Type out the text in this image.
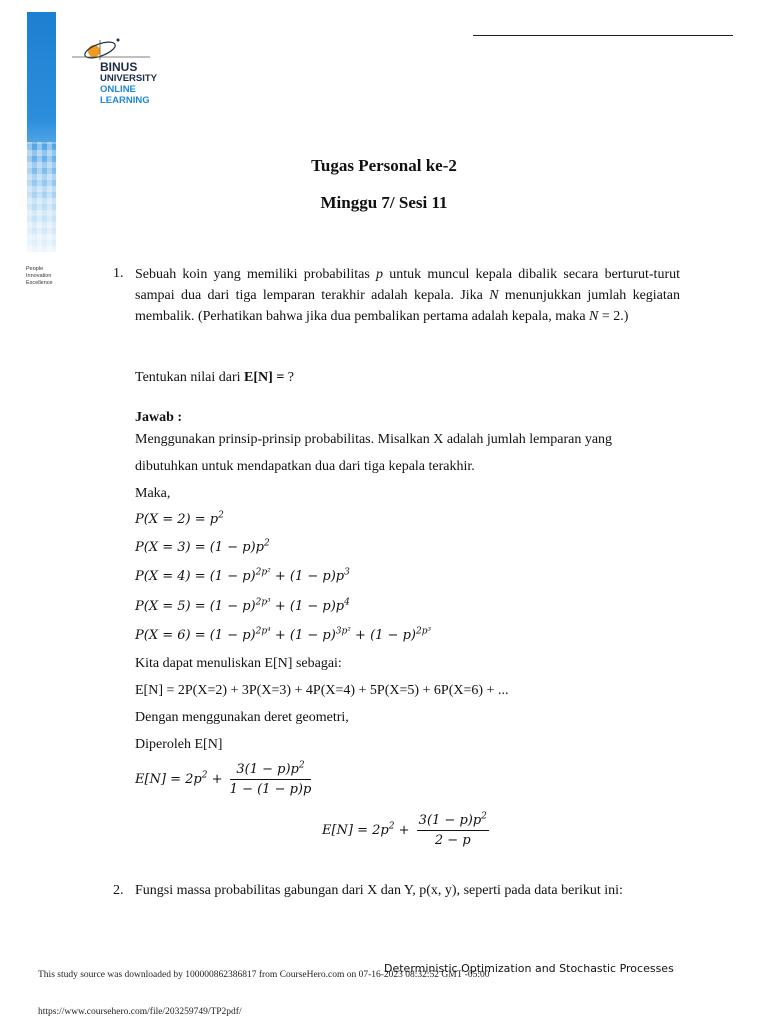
People
Innovation
Excellence
BINUS
UNIVERSITY
ONLINE
LEARNING
Tugas Personal ke-2
Minggu 7/ Sesi 11
1. Sebuah koin yang memiliki probabilitas p untuk muncul kepala dibalik secara berturut-turut sampai dua dari tiga lemparan terakhir adalah kepala. Jika N menunjukkan jumlah kegiatan membalik. (Perhatikan bahwa jika dua pembalikan pertama adalah kepala, maka N = 2.)
Tentukan nilai dari E[N] = ?
Jawab :
Menggunakan prinsip-prinsip probabilitas. Misalkan X adalah jumlah lemparan yang
dibutuhkan untuk mendapatkan dua dari tiga kepala terakhir.
Maka,
$P(X = 2) = p^2$
$P(X = 3) = (1 - p)p^2$
$P(X = 4) = (1 - p)^{2p^2} + (1 - p)p^3$
$P(X = 5) = (1 - p)^{2p^3} + (1 - p)p^4$
$P(X = 6) = (1 - p)^{2p^4} + (1 - p)^{3p^2} + (1 - p)^{2p^3}$
Kita dapat menuliskan E[N] sebagai:
E[N] = 2P(X=2) + 3P(X=3) + 4P(X=4) + 5P(X=5) + 6P(X=6) + ...
Dengan menggunakan deret geometri,
Diperoleh E[N]
$E[N] = 2p^2 + \frac{3(1 - p)p^2}{1 - (1 - p)p}$
$E[N] = 2p^2 + \frac{3(1 - p)p^2}{2 - p}$
2. Fungsi massa probabilitas gabungan dari X dan Y, p(x, y), seperti pada data berikut ini:
This study source was downloaded by 100000862386817 from CourseHero.com on 07-16-2023 08:32:52 GMT -05:00
Deterministic Optimization and Stochastic Processes
https://www.coursehero.com/file/203259749/TP2pdf/
